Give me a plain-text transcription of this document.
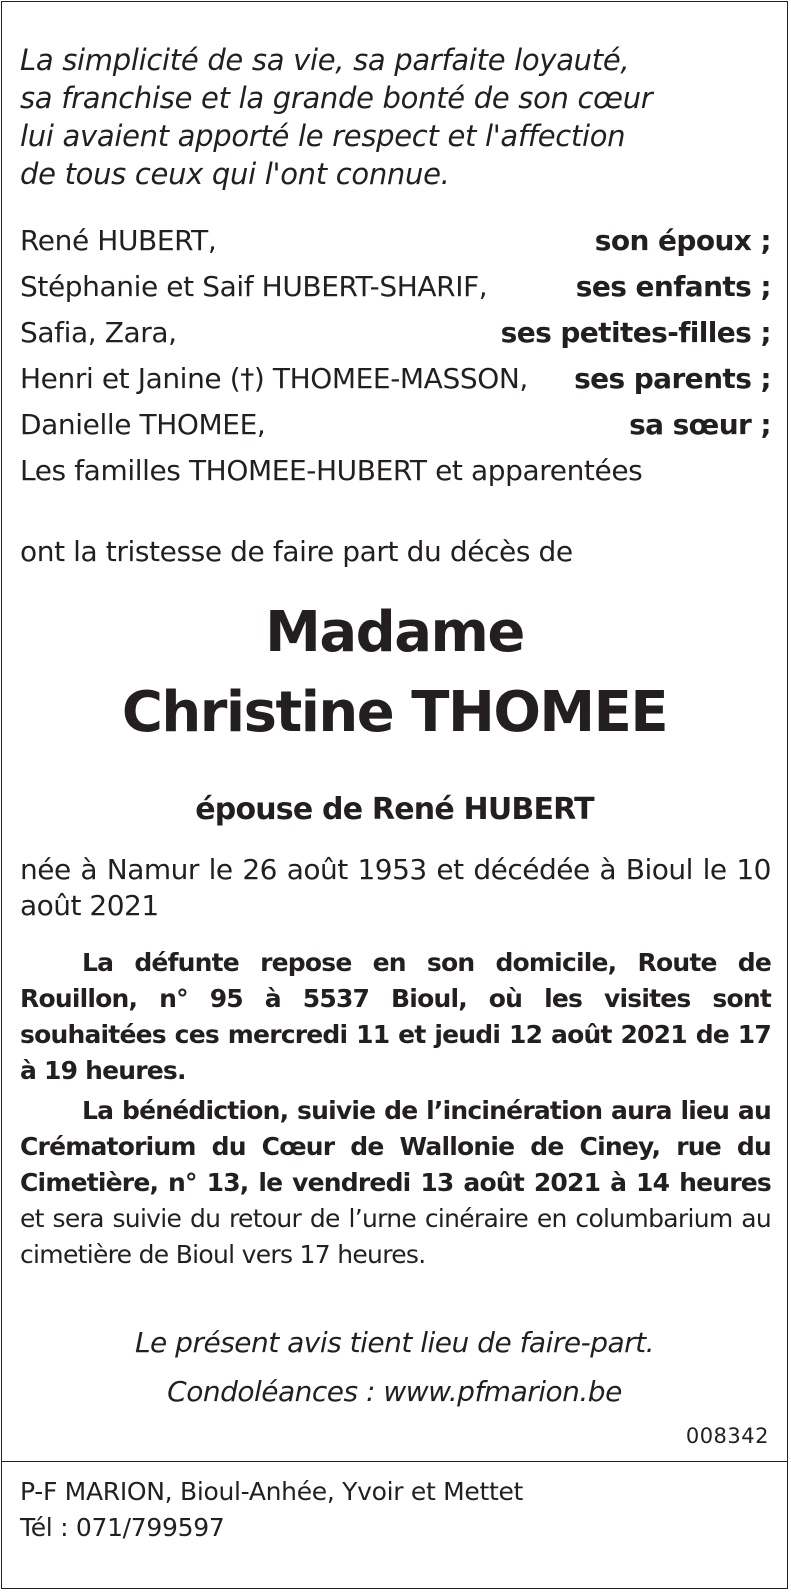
La simplicité de sa vie, sa parfaite loyauté,
sa franchise et la grande bonté de son cœur
lui avaient apporté le respect et l'affection
de tous ceux qui l'ont connue.
René HUBERT,	son époux ;
Stéphanie et Saif HUBERT-SHARIF,	ses enfants ;
Safia, Zara,	ses petites-filles ;
Henri et Janine (†) THOMEE-MASSON, ses parents ;
Danielle THOMEE,	sa sœur ;
Les familles THOMEE-HUBERT et apparentées
ont la tristesse de faire part du décès de
Madame
Christine THOMEE
épouse de René HUBERT
née à Namur le 26 août 1953 et décédée à Bioul le 10 août 2021
La défunte repose en son domicile, Route de Rouillon, n° 95 à 5537 Bioul, où les visites sont souhaitées ces mercredi 11 et jeudi 12 août 2021 de 17 à 19 heures.
La bénédiction, suivie de l’incinération aura lieu au Crématorium du Cœur de Wallonie de Ciney, rue du Cimetière, n° 13, le vendredi 13 août 2021 à 14 heures et sera suivie du retour de l’urne cinéraire en columbarium au cimetière de Bioul vers 17 heures.
Le présent avis tient lieu de faire-part.
Condoléances : www.pfmarion.be
008342
P-F MARION, Bioul-Anhée, Yvoir et Mettet
Tél : 071/799597
